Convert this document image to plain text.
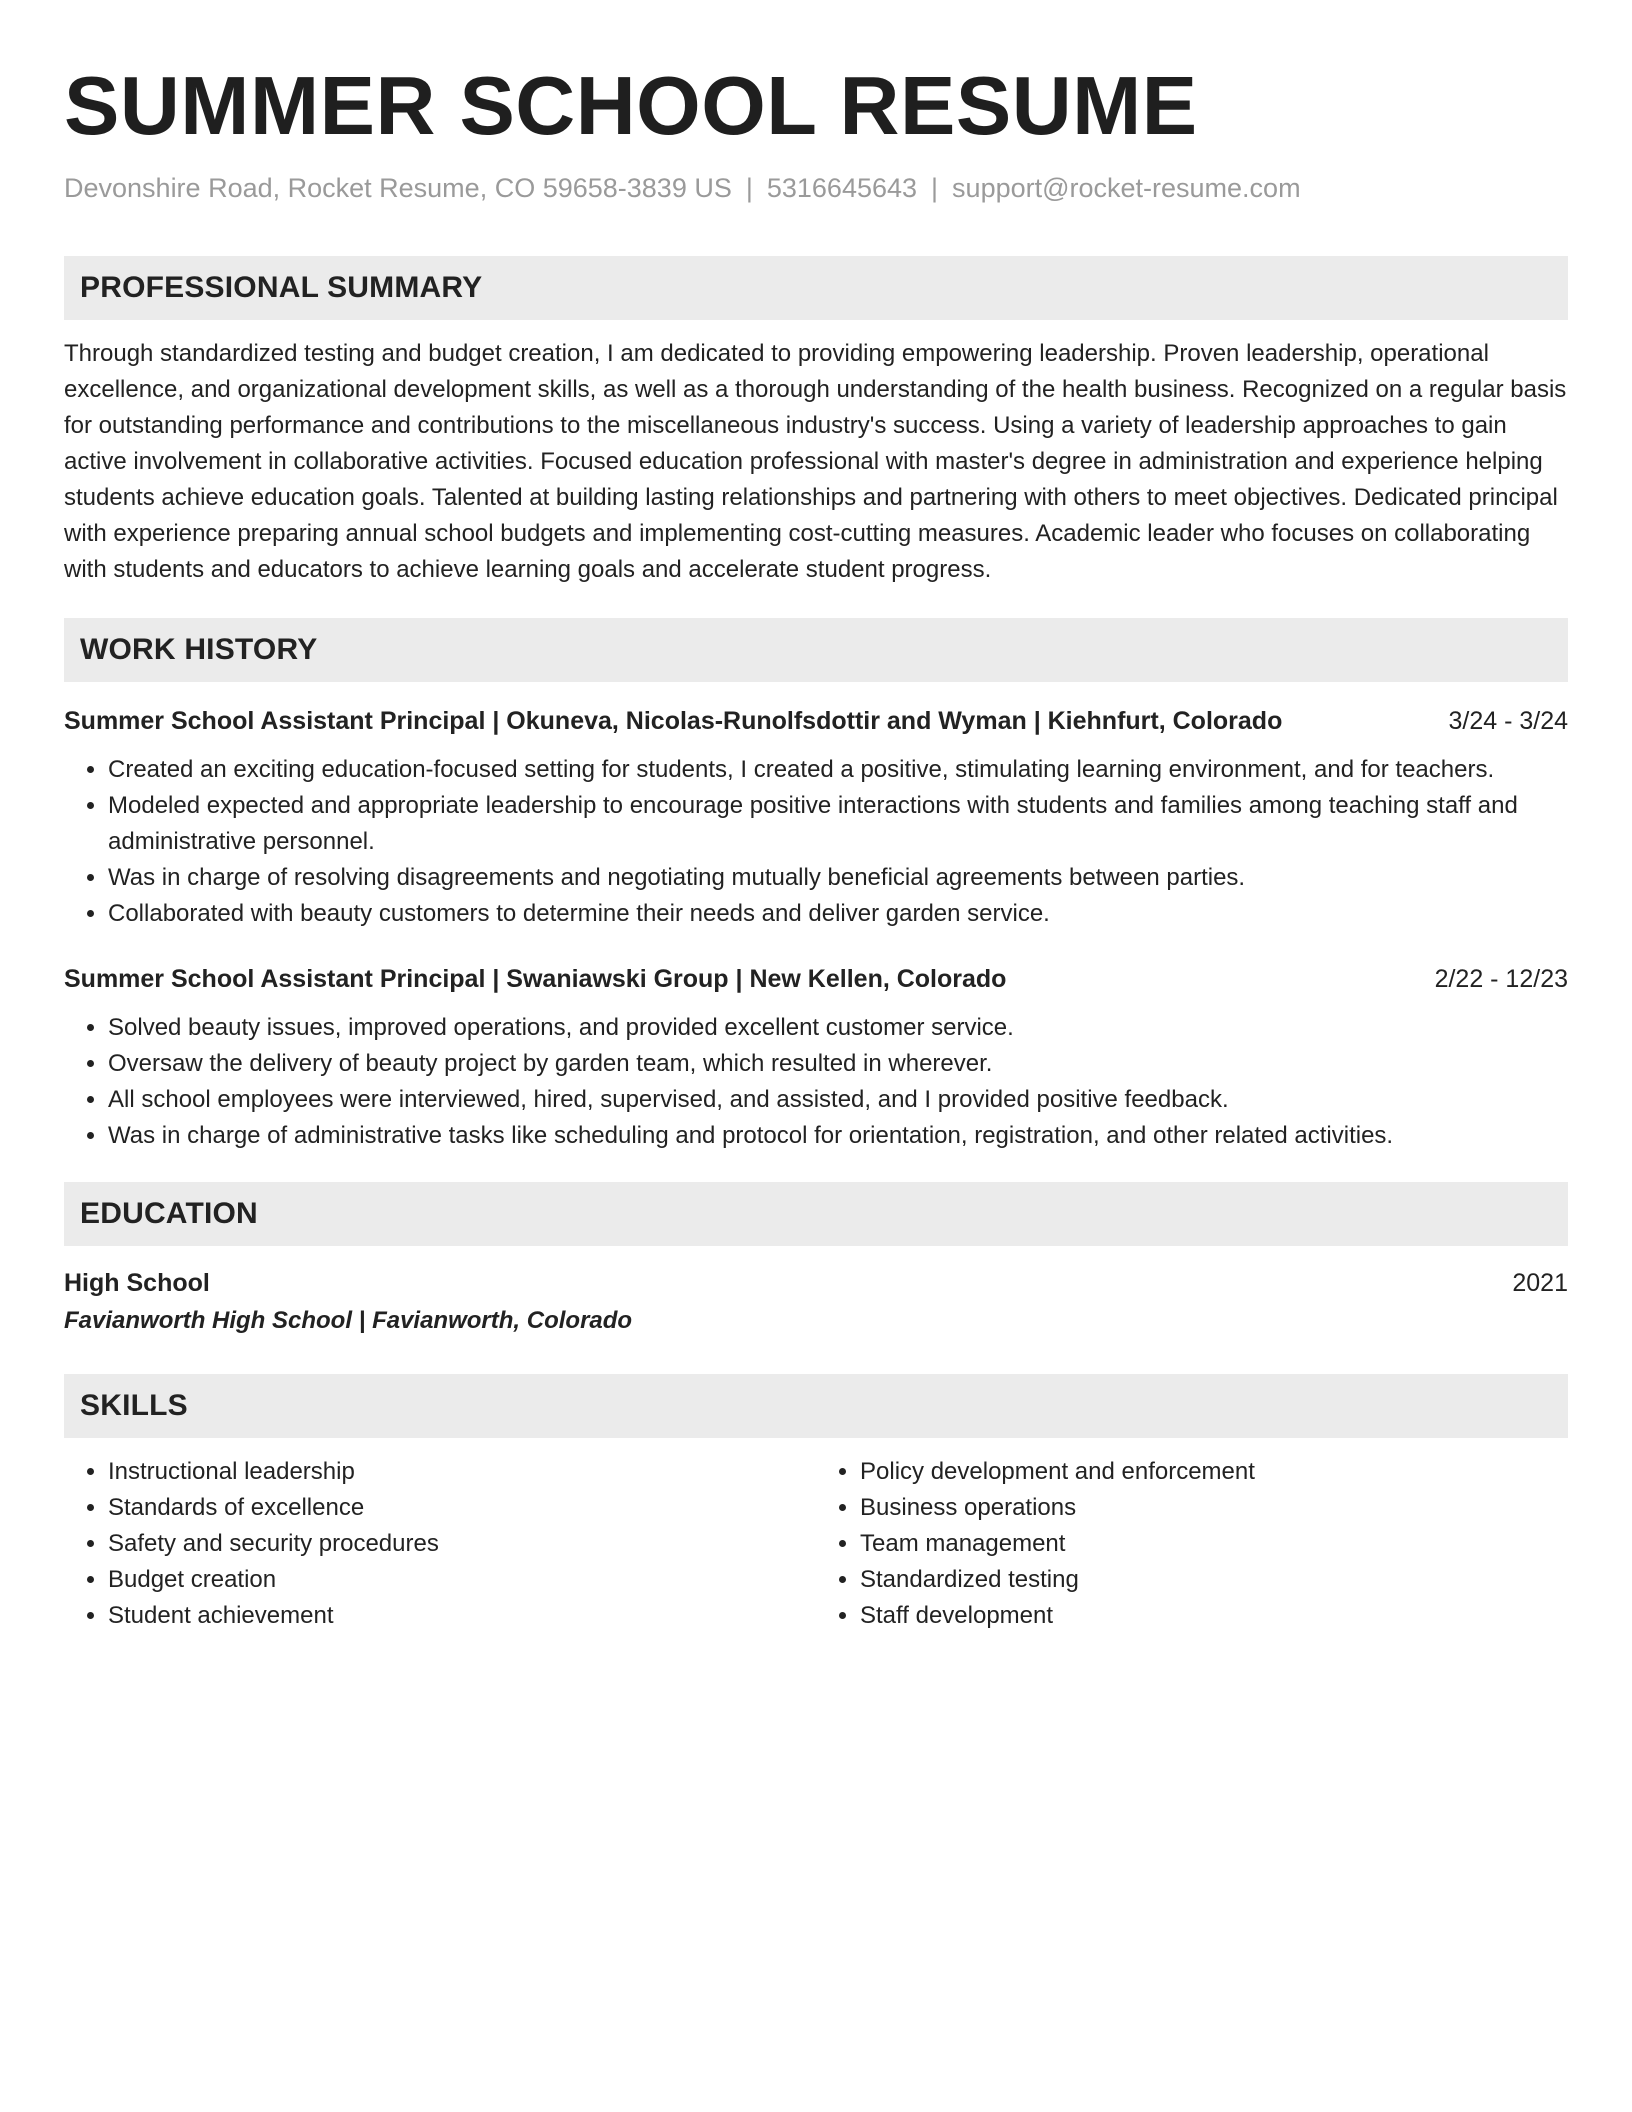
SUMMER SCHOOL RESUME
Devonshire Road, Rocket Resume, CO 59658-3839 US | 5316645643 | support@rocket-resume.com
PROFESSIONAL SUMMARY
Through standardized testing and budget creation, I am dedicated to providing empowering leadership. Proven leadership, operational excellence, and organizational development skills, as well as a thorough understanding of the health business. Recognized on a regular basis for outstanding performance and contributions to the miscellaneous industry's success. Using a variety of leadership approaches to gain active involvement in collaborative activities. Focused education professional with master's degree in administration and experience helping students achieve education goals. Talented at building lasting relationships and partnering with others to meet objectives. Dedicated principal with experience preparing annual school budgets and implementing cost-cutting measures. Academic leader who focuses on collaborating with students and educators to achieve learning goals and accelerate student progress.
WORK HISTORY
Summer School Assistant Principal | Okuneva, Nicolas-Runolfsdottir and Wyman | Kiehnfurt, Colorado	3/24 - 3/24
• Created an exciting education-focused setting for students, I created a positive, stimulating learning environment, and for teachers.
• Modeled expected and appropriate leadership to encourage positive interactions with students and families among teaching staff and administrative personnel.
• Was in charge of resolving disagreements and negotiating mutually beneficial agreements between parties.
• Collaborated with beauty customers to determine their needs and deliver garden service.
Summer School Assistant Principal | Swaniawski Group | New Kellen, Colorado	2/22 - 12/23
• Solved beauty issues, improved operations, and provided excellent customer service.
• Oversaw the delivery of beauty project by garden team, which resulted in wherever.
• All school employees were interviewed, hired, supervised, and assisted, and I provided positive feedback.
• Was in charge of administrative tasks like scheduling and protocol for orientation, registration, and other related activities.
EDUCATION
High School	2021
Favianworth High School | Favianworth, Colorado
SKILLS
• Instructional leadership
• Standards of excellence
• Safety and security procedures
• Budget creation
• Student achievement
• Policy development and enforcement
• Business operations
• Team management
• Standardized testing
• Staff development
